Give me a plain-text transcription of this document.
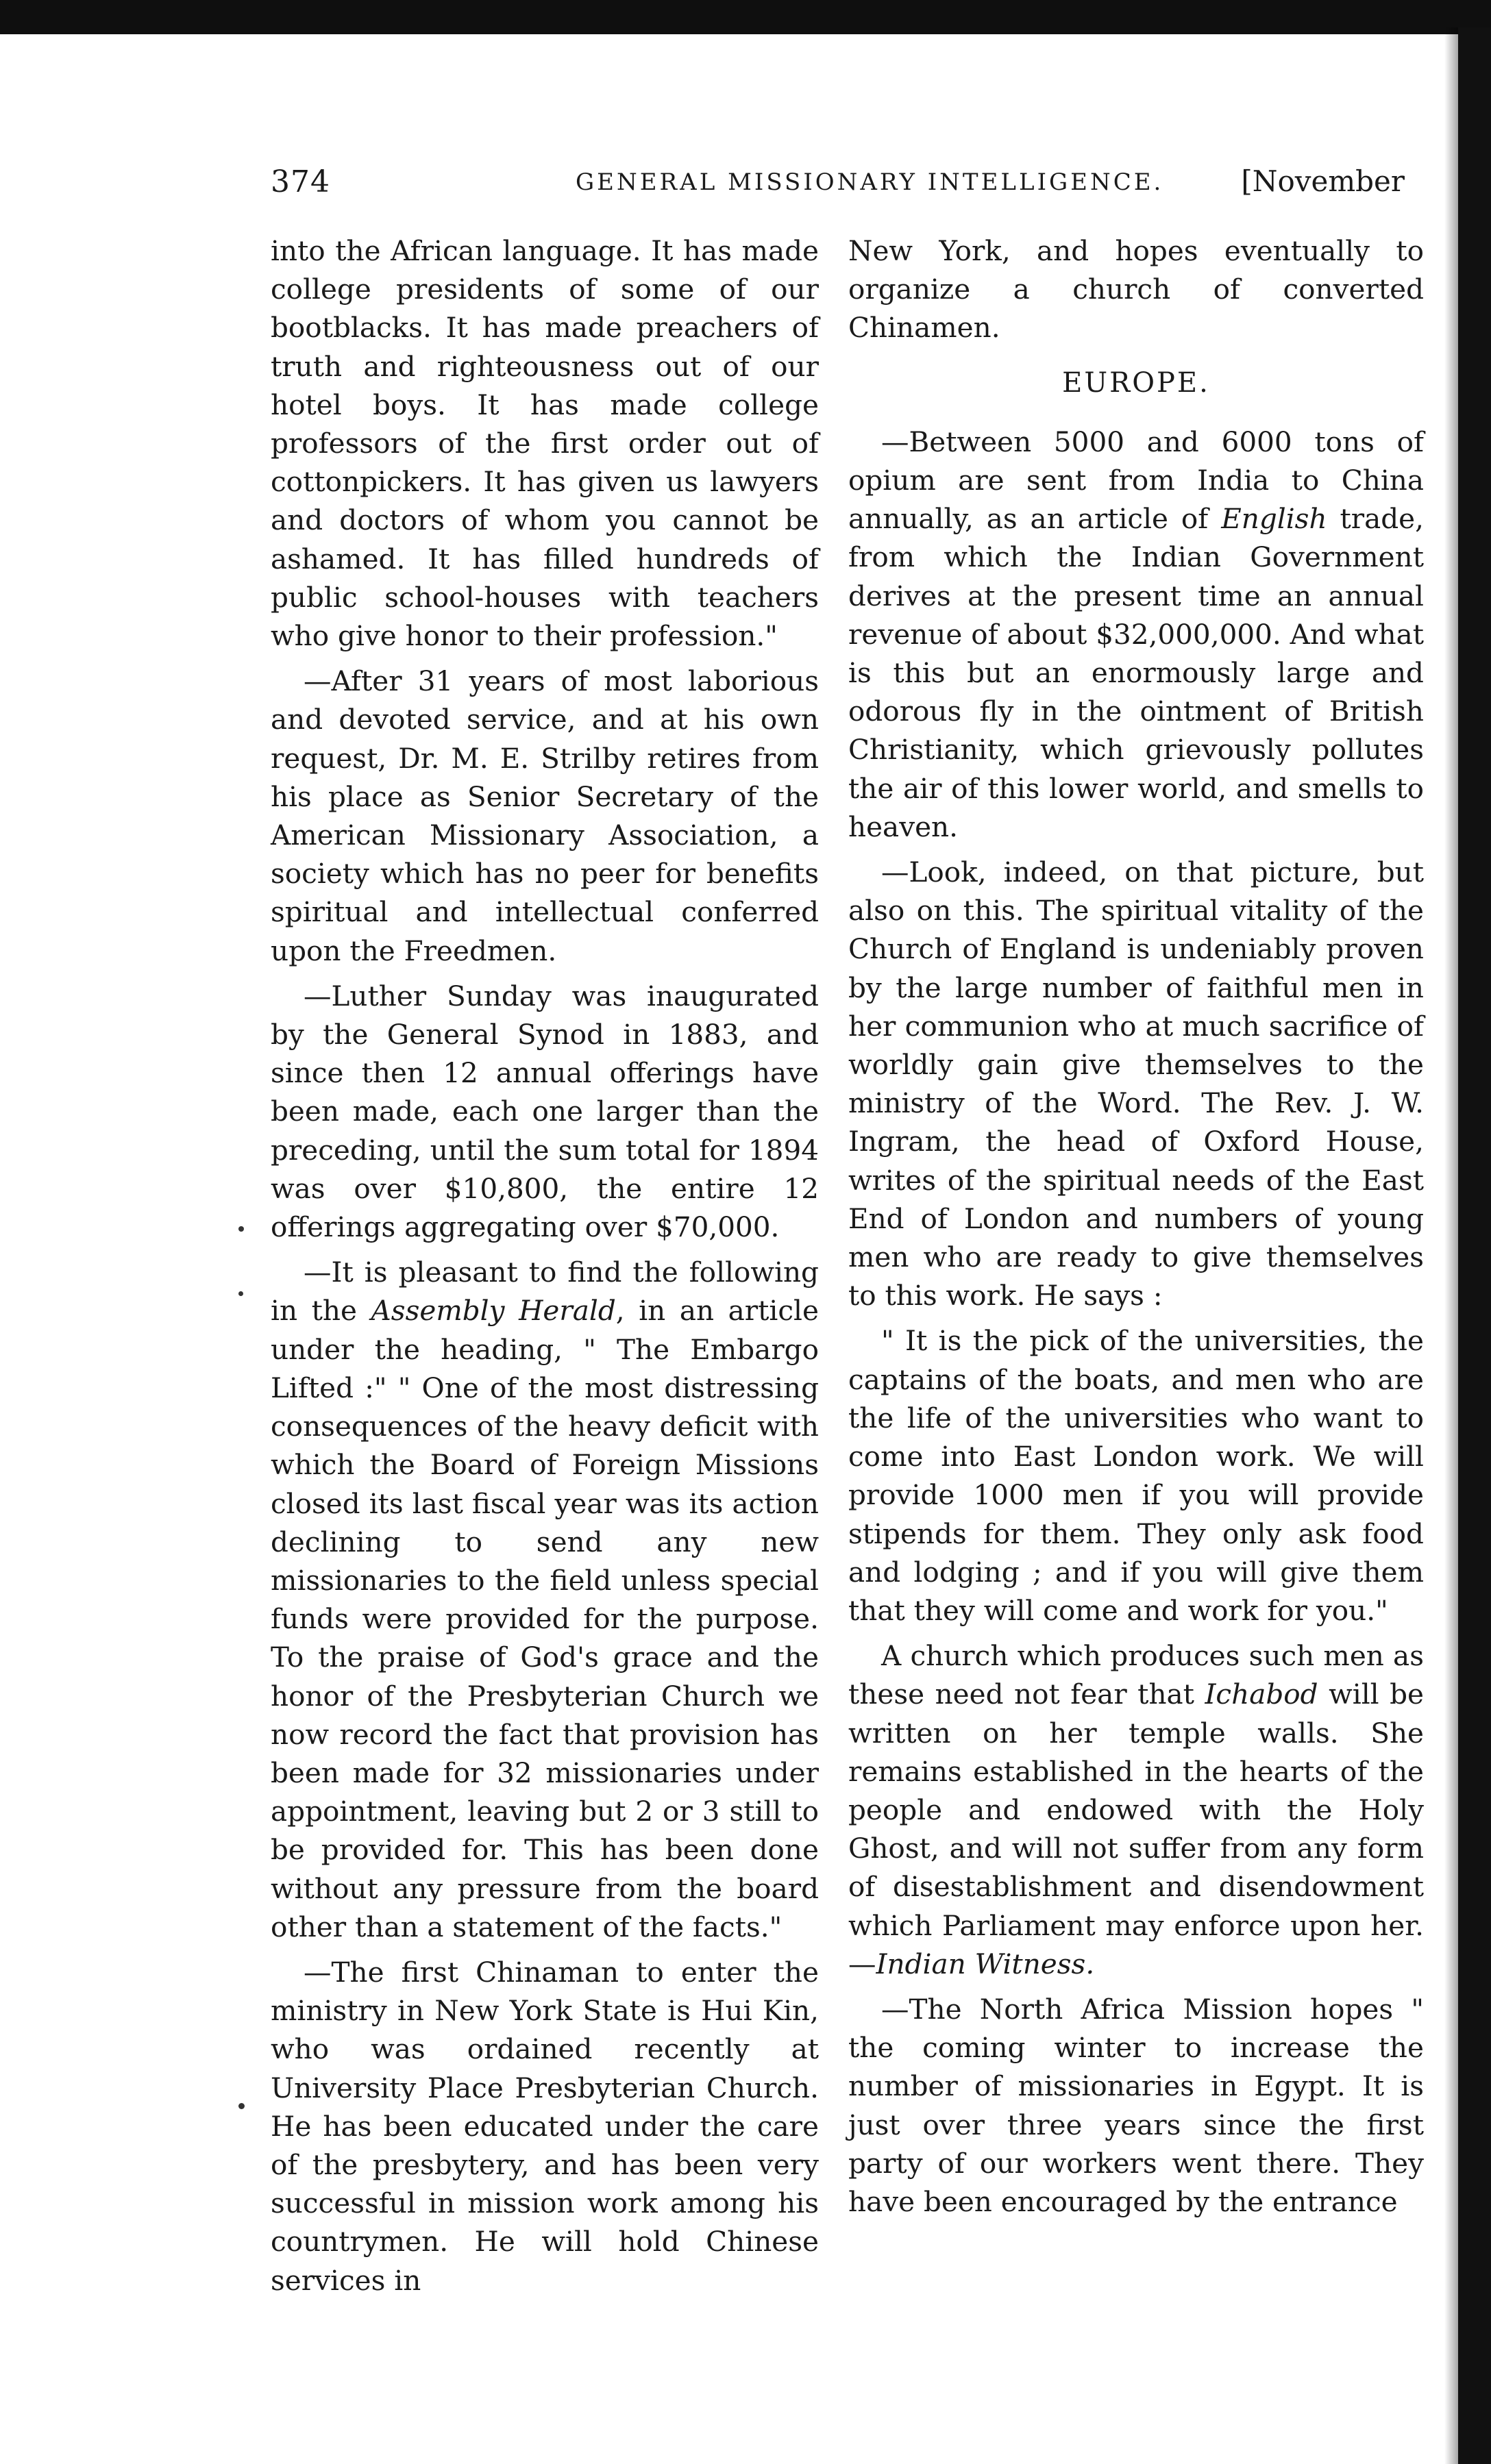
374	GENERAL MISSIONARY INTELLIGENCE.	[November

into the African language. It has made college presidents of some of our bootblacks. It has made preachers of truth and righteousness out of our hotel boys. It has made college professors of the first order out of cottonpickers. It has given us lawyers and doctors of whom you cannot be ashamed. It has filled hundreds of public school-houses with teachers who give honor to their profession."

—After 31 years of most laborious and devoted service, and at his own request, Dr. M. E. Strilby retires from his place as Senior Secretary of the American Missionary Association, a society which has no peer for benefits spiritual and intellectual conferred upon the Freedmen.

—Luther Sunday was inaugurated by the General Synod in 1883, and since then 12 annual offerings have been made, each one larger than the preceding, until the sum total for 1894 was over $10,800, the entire 12 offerings aggregating over $70,000.

—It is pleasant to find the following in the Assembly Herald, in an article under the heading, " The Embargo Lifted :" " One of the most distressing consequences of the heavy deficit with which the Board of Foreign Missions closed its last fiscal year was its action declining to send any new missionaries to the field unless special funds were provided for the purpose. To the praise of God's grace and the honor of the Presbyterian Church we now record the fact that provision has been made for 32 missionaries under appointment, leaving but 2 or 3 still to be provided for. This has been done without any pressure from the board other than a statement of the facts."

—The first Chinaman to enter the ministry in New York State is Hui Kin, who was ordained recently at University Place Presbyterian Church. He has been educated under the care of the presbytery, and has been very successful in mission work among his countrymen. He will hold Chinese services in

New York, and hopes eventually to organize a church of converted Chinamen.

EUROPE.

—Between 5000 and 6000 tons of opium are sent from India to China annually, as an article of English trade, from which the Indian Government derives at the present time an annual revenue of about $32,000,000. And what is this but an enormously large and odorous fly in the ointment of British Christianity, which grievously pollutes the air of this lower world, and smells to heaven.

—Look, indeed, on that picture, but also on this. The spiritual vitality of the Church of England is undeniably proven by the large number of faithful men in her communion who at much sacrifice of worldly gain give themselves to the ministry of the Word. The Rev. J. W. Ingram, the head of Oxford House, writes of the spiritual needs of the East End of London and numbers of young men who are ready to give themselves to this work. He says :

" It is the pick of the universities, the captains of the boats, and men who are the life of the universities who want to come into East London work. We will provide 1000 men if you will provide stipends for them. They only ask food and lodging ; and if you will give them that they will come and work for you."

A church which produces such men as these need not fear that Ichabod will be written on her temple walls. She remains established in the hearts of the people and endowed with the Holy Ghost, and will not suffer from any form of disestablishment and disendowment which Parliament may enforce upon her.—Indian Witness.

—The North Africa Mission hopes " the coming winter to increase the number of missionaries in Egypt. It is just over three years since the first party of our workers went there. They have been encouraged by the entrance
